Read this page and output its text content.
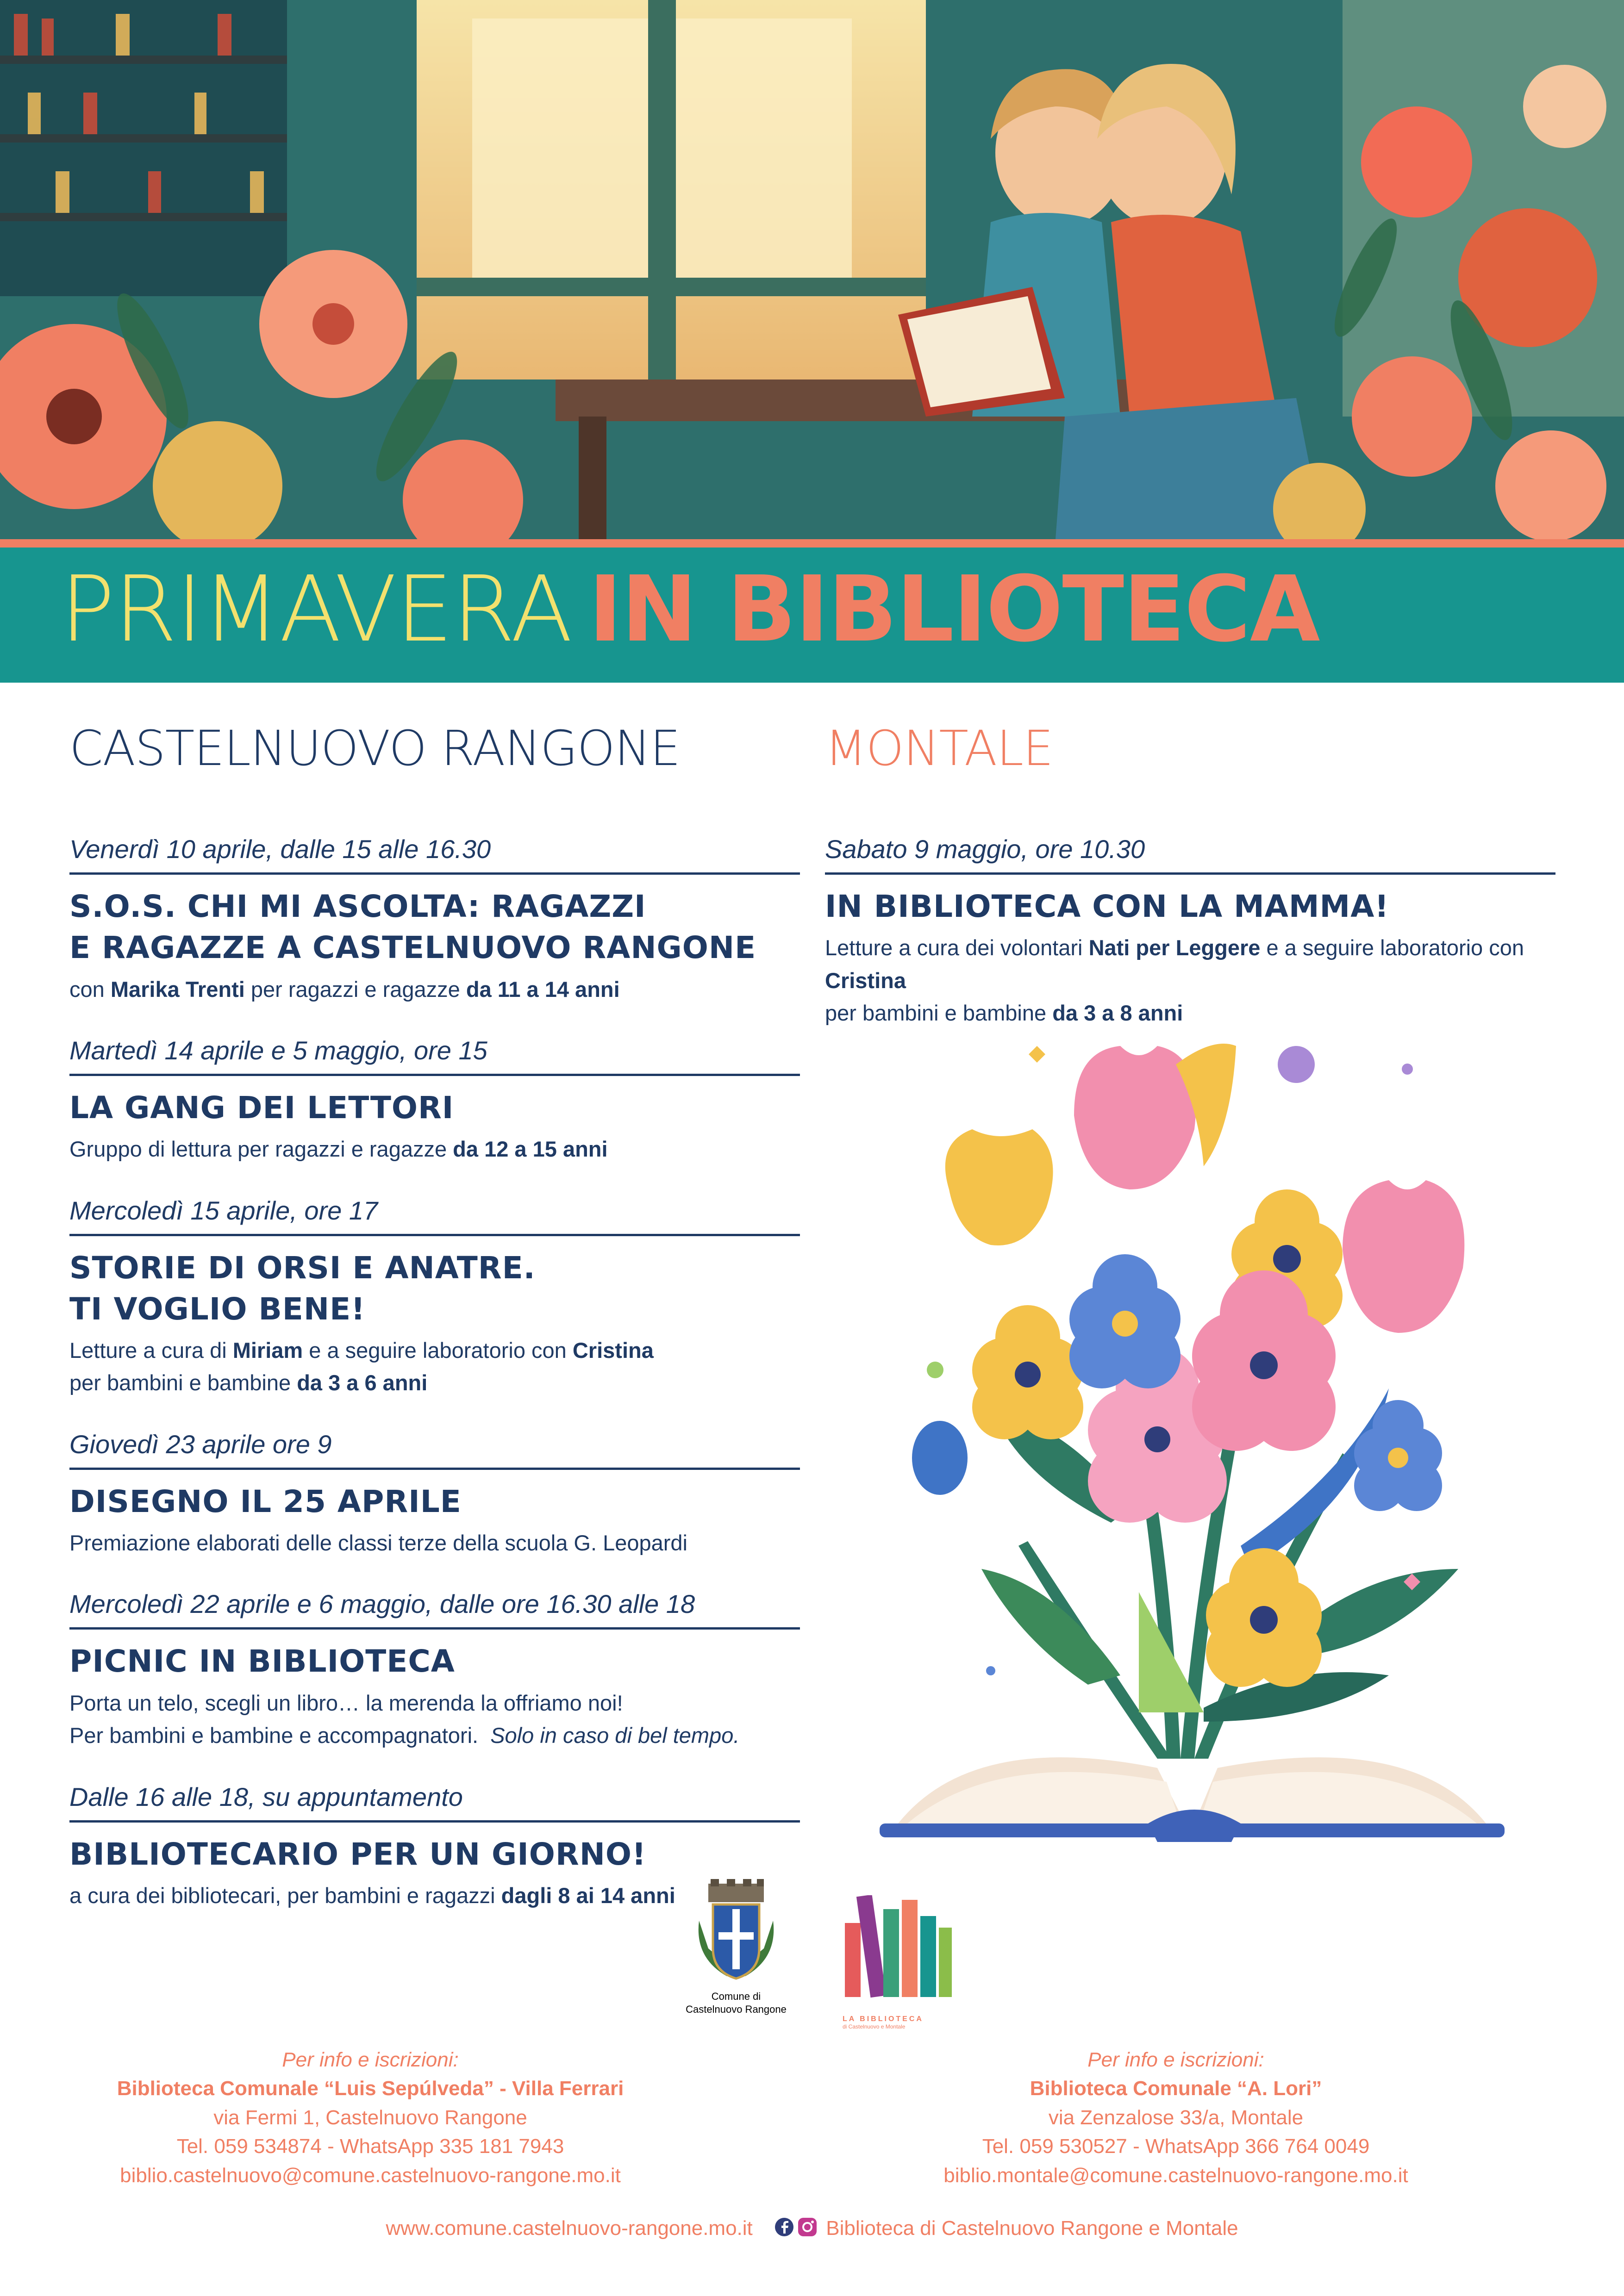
PRIMAVERA IN BIBLIOTECA
CASTELNUOVO RANGONE
Venerdì 10 aprile, dalle 15 alle 16.30
S.O.S. CHI MI ASCOLTA: RAGAZZI
E RAGAZZE A CASTELNUOVO RANGONE
con Marika Trenti per ragazzi e ragazze da 11 a 14 anni
Martedì 14 aprile e 5 maggio, ore 15
LA GANG DEI LETTORI
Gruppo di lettura per ragazzi e ragazze da 12 a 15 anni
Mercoledì 15 aprile, ore 17
STORIE DI ORSI E ANATRE.
TI VOGLIO BENE!
Letture a cura di Miriam e a seguire laboratorio con Cristina
per bambini e bambine da 3 a 6 anni
Giovedì 23 aprile ore 9
DISEGNO IL 25 APRILE
Premiazione elaborati delle classi terze della scuola G. Leopardi
Mercoledì 22 aprile e 6 maggio, dalle ore 16.30 alle 18
PICNIC IN BIBLIOTECA
Porta un telo, scegli un libro… la merenda la offriamo noi!
Per bambini e bambine e accompagnatori. Solo in caso di bel tempo.
Dalle 16 alle 18, su appuntamento
BIBLIOTECARIO PER UN GIORNO!
a cura dei bibliotecari, per bambini e ragazzi dagli 8 ai 14 anni
MONTALE
Sabato 9 maggio, ore 10.30
IN BIBLIOTECA CON LA MAMMA!
Letture a cura dei volontari Nati per Leggere e a seguire laboratorio con Cristina
per bambini e bambine da 3 a 8 anni
Comune di
Castelnuovo Rangone
LA BIBLIOTECA
di Castelnuovo e Montale
Per info e iscrizioni:
Biblioteca Comunale “Luis Sepúlveda” - Villa Ferrari
via Fermi 1, Castelnuovo Rangone
Tel. 059 534874 - WhatsApp 335 181 7943
biblio.castelnuovo@comune.castelnuovo-rangone.mo.it
Per info e iscrizioni:
Biblioteca Comunale “A. Lori”
via Zenzalose 33/a, Montale
Tel. 059 530527 - WhatsApp 366 764 0049
biblio.montale@comune.castelnuovo-rangone.mo.it
www.comune.castelnuovo-rangone.mo.it	Biblioteca di Castelnuovo Rangone e Montale
